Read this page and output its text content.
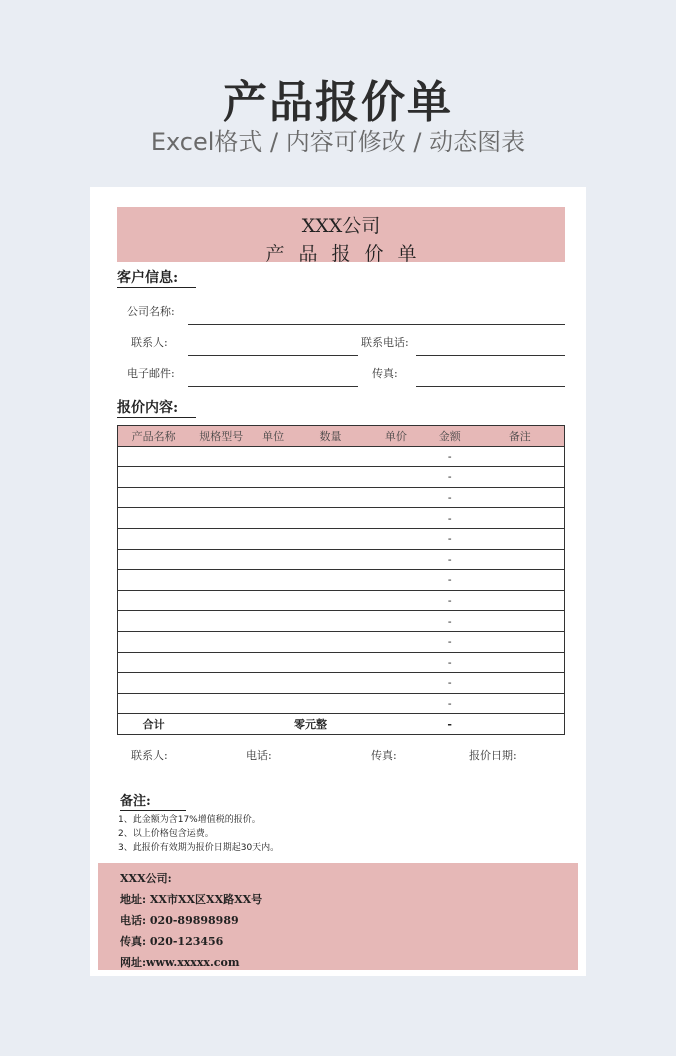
产品报价单
Excel格式 / 内容可修改 / 动态图表
XXX公司
产品报价单
客户信息:
公司名称:
联系人:	联系电话:
电子邮件:	传真:
报价内容:
产品名称	规格型号	单位	数量	单价	金额	备注
					-	
					-	
					-	
					-	
					-	
					-	
					-	
					-	
					-	
					-	
					-	
					-	
					-	
合计		零元整			-	
联系人:	电话:	传真:	报价日期:
备注:
1、此金额为含17%增值税的报价。
2、以上价格包含运费。
3、此报价有效期为报价日期起30天内。
XXX公司:
地址: XX市XX区XX路XX号
电话: 020-89898989
传真: 020-123456
网址:www.xxxxx.com
